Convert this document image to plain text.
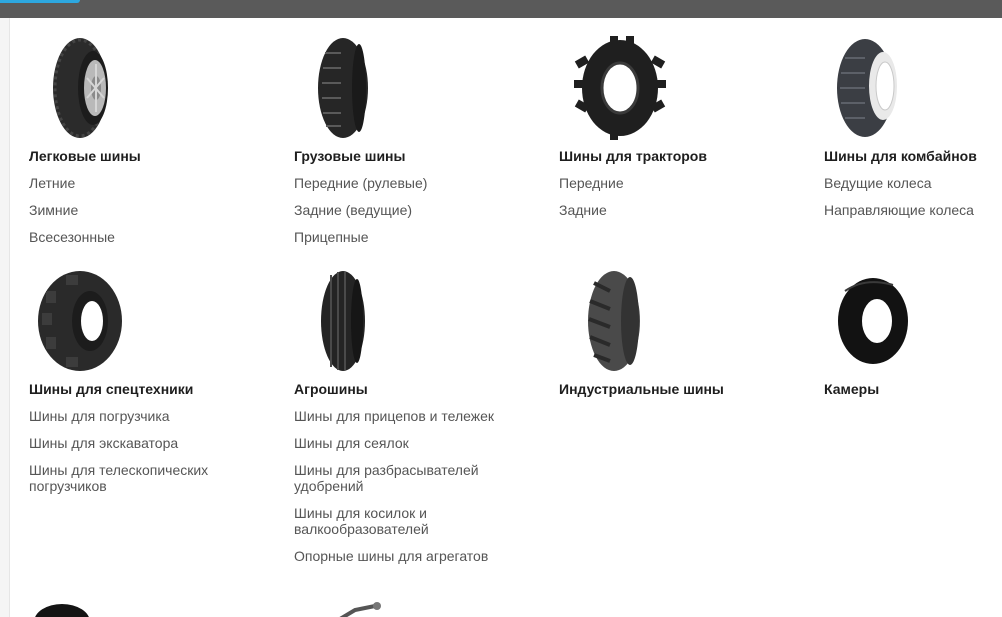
Легковые шины
Летние
Зимние
Всесезонные
Грузовые шины
Передние (рулевые)
Задние (ведущие)
Прицепные
Шины для тракторов
Передние
Задние
Шины для комбайнов
Ведущие колеса
Направляющие колеса
Шины для спецтехники
Шины для погрузчика
Шины для экскаватора
Шины для телескопических погрузчиков
Агрошины
Шины для прицепов и тележек
Шины для сеялок
Шины для разбрасывателей удобрений
Шины для косилок и валкообразователей
Опорные шины для агрегатов
Индустриальные шины	Камеры
